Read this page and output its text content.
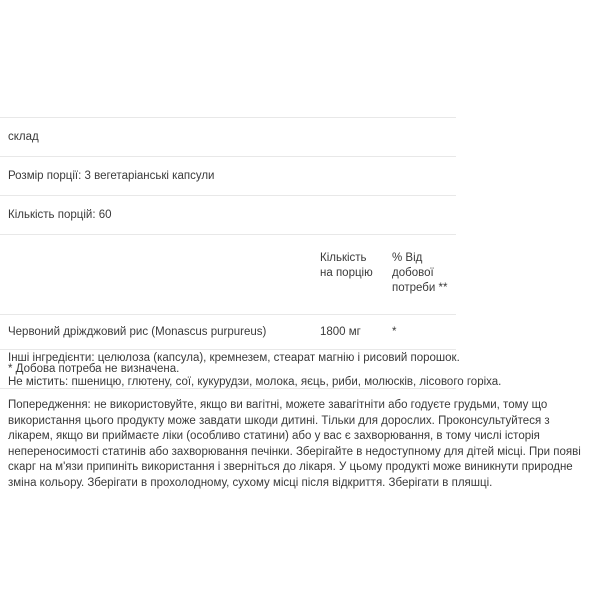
склад		
Розмір порції: 3 вегетаріанські капсули		
Кількість порцій: 60		
	Кількість на порцію	% Від добової потреби **
Червоний дріжджовий рис (Monascus purpureus)	1800 мг	*
* Добова потреба не визначена.		

Інші інгредієнти: целюлоза (капсула), кремнезем, стеарат магнію і рисовий порошок.

Не містить: пшеницю, глютену, сої, кукурудзи, молока, яєць, риби, молюсків, лісового горіха.

Попередження: не використовуйте, якщо ви вагітні, можете завагітніти або годуєте грудьми, тому що використання цього продукту може завдати шкоди дитині. Тільки для дорослих. Проконсультуйтеся з лікарем, якщо ви приймаєте ліки (особливо статини) або у вас є захворювання, в тому числі історія непереносимості статинів або захворювання печінки. Зберігайте в недоступному для дітей місці. При появі скарг на м'язи припиніть використання і зверніться до лікаря. У цьому продукті може виникнути природне зміна кольору. Зберігати в прохолодному, сухому місці після відкриття. Зберігати в пляшці.
